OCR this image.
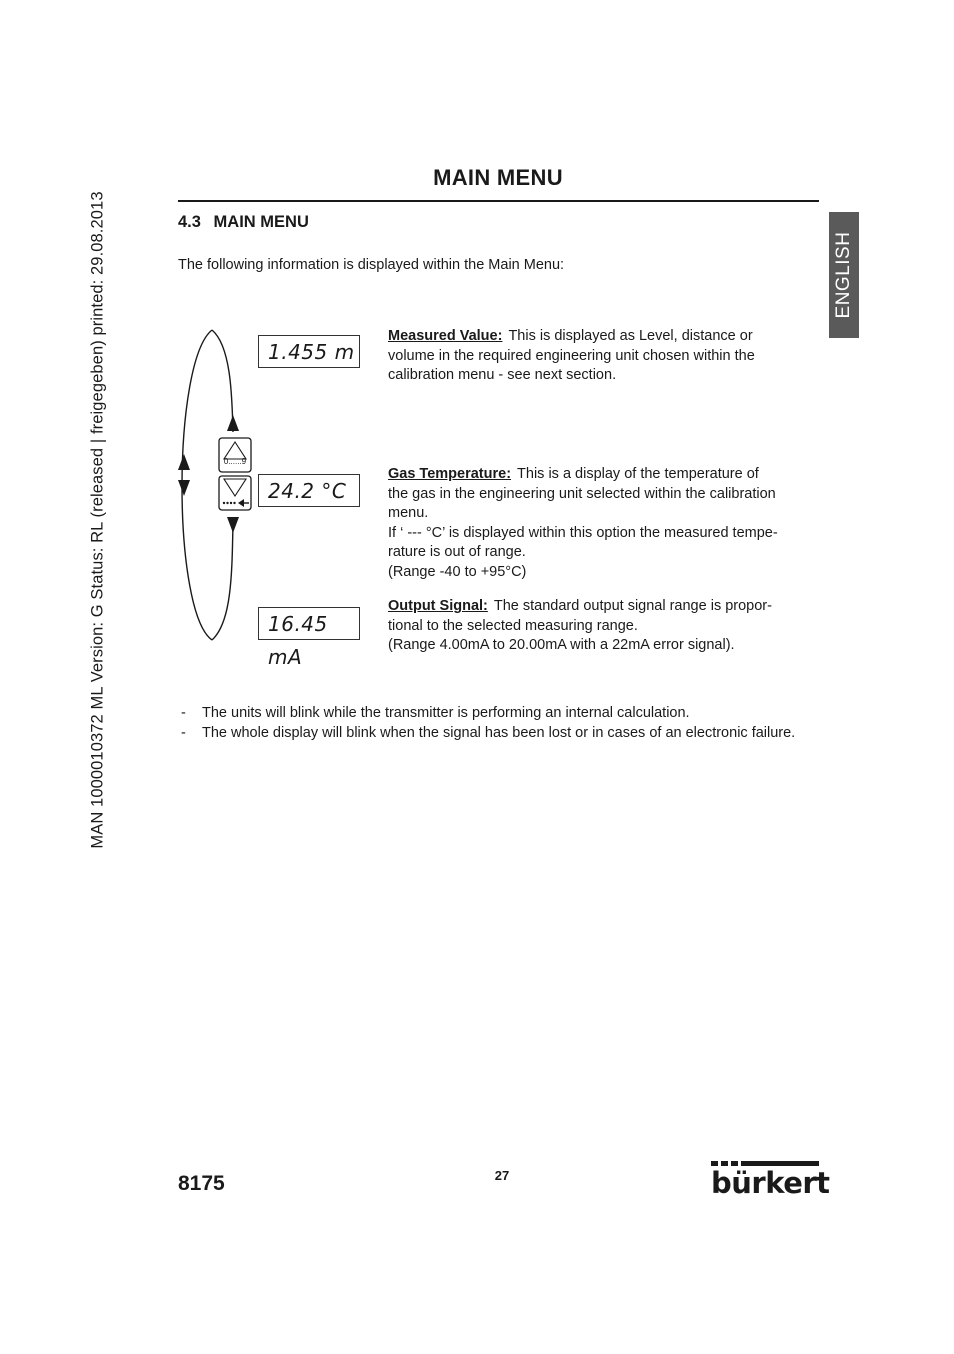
MAN 1000010372 ML Version: G Status: RL (released | freigegeben) printed: 29.08.2013
MAIN MENU
ENGLISH
4.3 MAIN MENU
The following information is displayed within the Main Menu:
0......9
1.455 m
24.2 °C
16.45 mA
Measured Value: This is displayed as Level, distance or
volume in the required engineering unit chosen within the
calibration menu - see next section.
Gas Temperature: This is a display of the temperature of
the gas in the engineering unit selected within the calibration
menu.
If ‘ --- °C’ is displayed within this option the measured tempe-
rature is out of range.
(Range -40 to +95°C)
Output Signal: The standard output signal range is propor-
tional to the selected measuring range.
(Range 4.00mA to 20.00mA with a 22mA error signal).
- The units will blink while the transmitter is performing an internal calculation.
- The whole display will blink when the signal has been lost or in cases of an electronic failure.
8175	27	bürkert
